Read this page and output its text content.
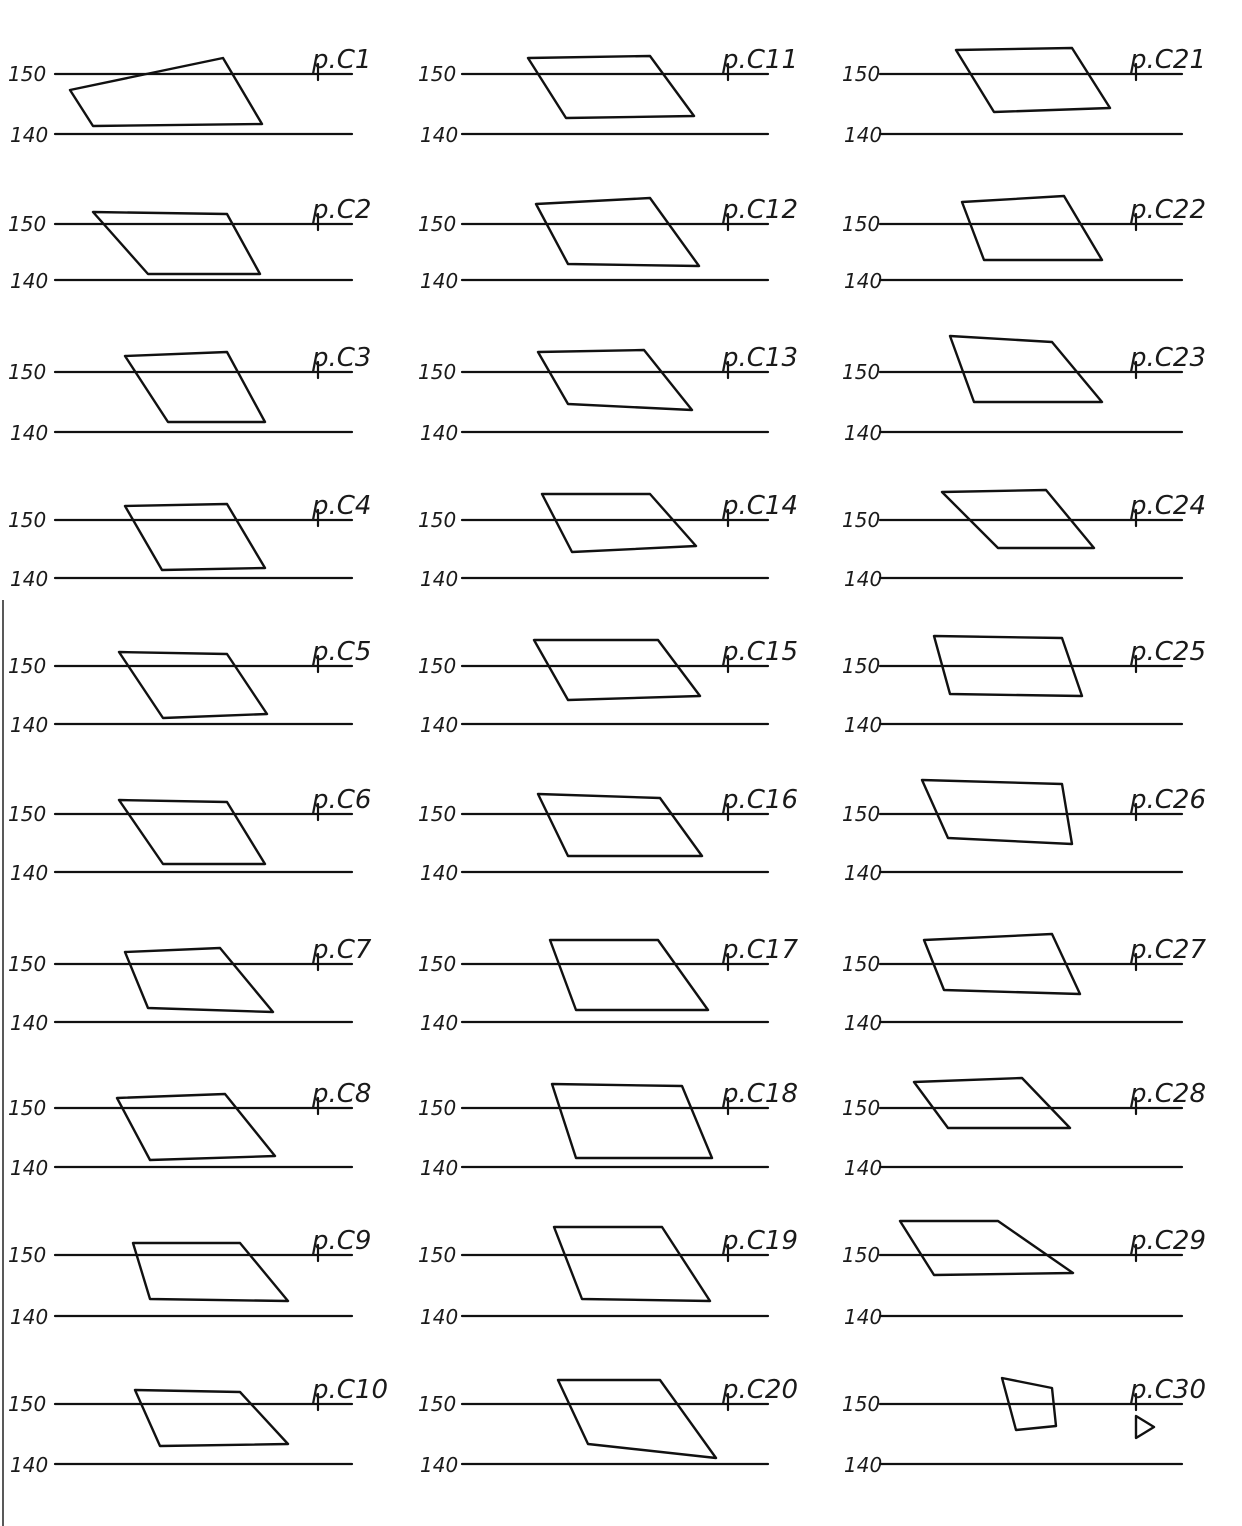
150
140
p.C1
150
140
p.C2
150
140
p.C3
150
140
p.C4
150
140
p.C5
150
140
p.C6
150
140
p.C7
150
140
p.C8
150
140
p.C9
150
140
p.C10
150
140
p.C11
150
140
p.C12
150
140
p.C13
150
140
p.C14
150
140
p.C15
150
140
p.C16
150
140
p.C17
150
140
p.C18
150
140
p.C19
150
140
p.C20
150
140
p.C21
150
140
p.C22
150
140
p.C23
150
140
p.C24
150
140
p.C25
150
140
p.C26
150
140
p.C27
150
140
p.C28
150
140
p.C29
150
140
p.C30
